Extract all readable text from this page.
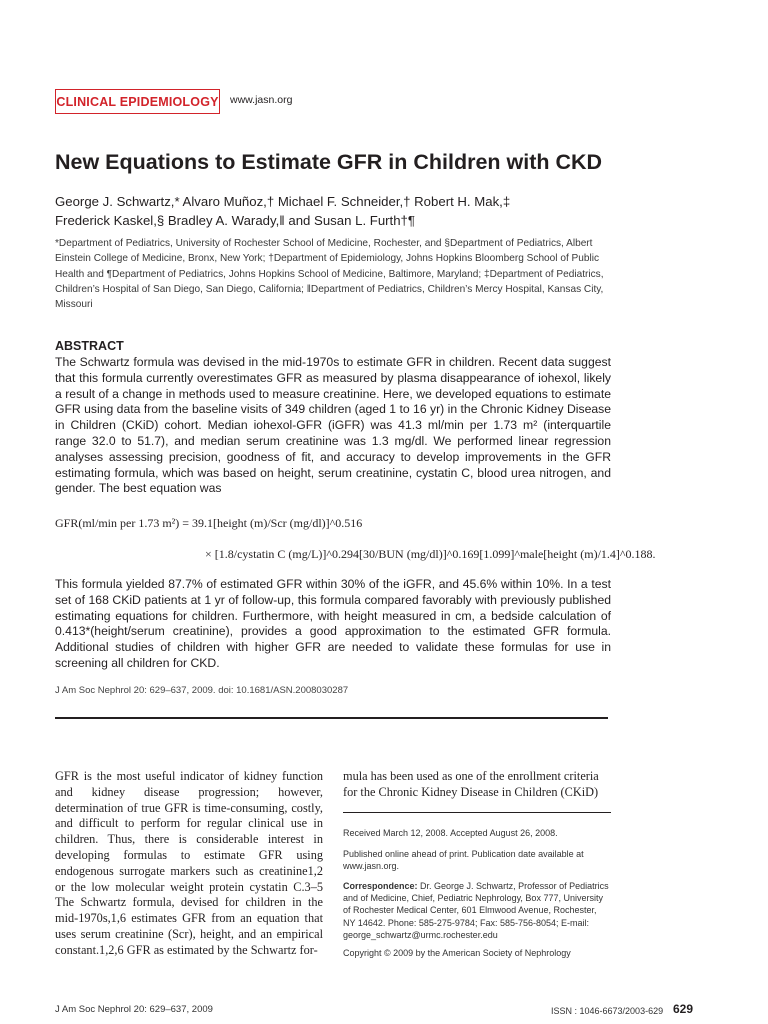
CLINICAL EPIDEMIOLOGY www.jasn.org
New Equations to Estimate GFR in Children with CKD
George J. Schwartz,* Alvaro Muñoz,† Michael F. Schneider,† Robert H. Mak,‡
Frederick Kaskel,§ Bradley A. Warady,‖ and Susan L. Furth†¶
*Department of Pediatrics, University of Rochester School of Medicine, Rochester, and §Department of Pediatrics, Albert Einstein College of Medicine, Bronx, New York; †Department of Epidemiology, Johns Hopkins Bloomberg School of Public Health and ¶Department of Pediatrics, Johns Hopkins School of Medicine, Baltimore, Maryland; ‡Department of Pediatrics, Children’s Hospital of San Diego, San Diego, California; ‖Department of Pediatrics, Children’s Mercy Hospital, Kansas City, Missouri
ABSTRACT
The Schwartz formula was devised in the mid-1970s to estimate GFR in children. Recent data suggest that this formula currently overestimates GFR as measured by plasma disappearance of iohexol, likely a result of a change in methods used to measure creatinine. Here, we developed equations to estimate GFR using data from the baseline visits of 349 children (aged 1 to 16 yr) in the Chronic Kidney Disease in Children (CKiD) cohort. Median iohexol-GFR (iGFR) was 41.3 ml/min per 1.73 m² (interquartile range 32.0 to 51.7), and median serum creatinine was 1.3 mg/dl. We performed linear regression analyses assessing precision, goodness of fit, and accuracy to develop improvements in the GFR estimating formula, which was based on height, serum creatinine, cystatin C, blood urea nitrogen, and gender. The best equation was
GFR(ml/min per 1.73 m²) = 39.1[height (m)/Scr (mg/dl)]^0.516
× [1.8/cystatin C (mg/L)]^0.294[30/BUN (mg/dl)]^0.169[1.099]^male[height (m)/1.4]^0.188.
This formula yielded 87.7% of estimated GFR within 30% of the iGFR, and 45.6% within 10%. In a test set of 168 CKiD patients at 1 yr of follow-up, this formula compared favorably with previously published estimating equations for children. Furthermore, with height measured in cm, a bedside calculation of 0.413*(height/serum creatinine), provides a good approximation to the estimated GFR formula. Additional studies of children with higher GFR are needed to validate these formulas for use in screening all children for CKD.
J Am Soc Nephrol 20: 629–637, 2009. doi: 10.1681/ASN.2008030287
GFR is the most useful indicator of kidney function and kidney disease progression; however, determination of true GFR is time-consuming, costly, and difficult to perform for regular clinical use in children. Thus, there is considerable interest in developing formulas to estimate GFR using endogenous surrogate markers such as creatinine1,2 or the low molecular weight protein cystatin C.3–5 The Schwartz formula, devised for children in the mid-1970s,1,6 estimates GFR from an equation that uses serum creatinine (Scr), height, and an empirical constant.1,2,6 GFR as estimated by the Schwartz for-
mula has been used as one of the enrollment criteria for the Chronic Kidney Disease in Children (CKiD)
Received March 12, 2008. Accepted August 26, 2008.
Published online ahead of print. Publication date available at www.jasn.org.
Correspondence: Dr. George J. Schwartz, Professor of Pediatrics and of Medicine, Chief, Pediatric Nephrology, Box 777, University of Rochester Medical Center, 601 Elmwood Avenue, Rochester, NY 14642. Phone: 585-275-9784; Fax: 585-756-8054; E-mail: george_schwartz@urmc.rochester.edu
Copyright © 2009 by the American Society of Nephrology
J Am Soc Nephrol 20: 629–637, 2009	ISSN : 1046-6673/2003-629 629
